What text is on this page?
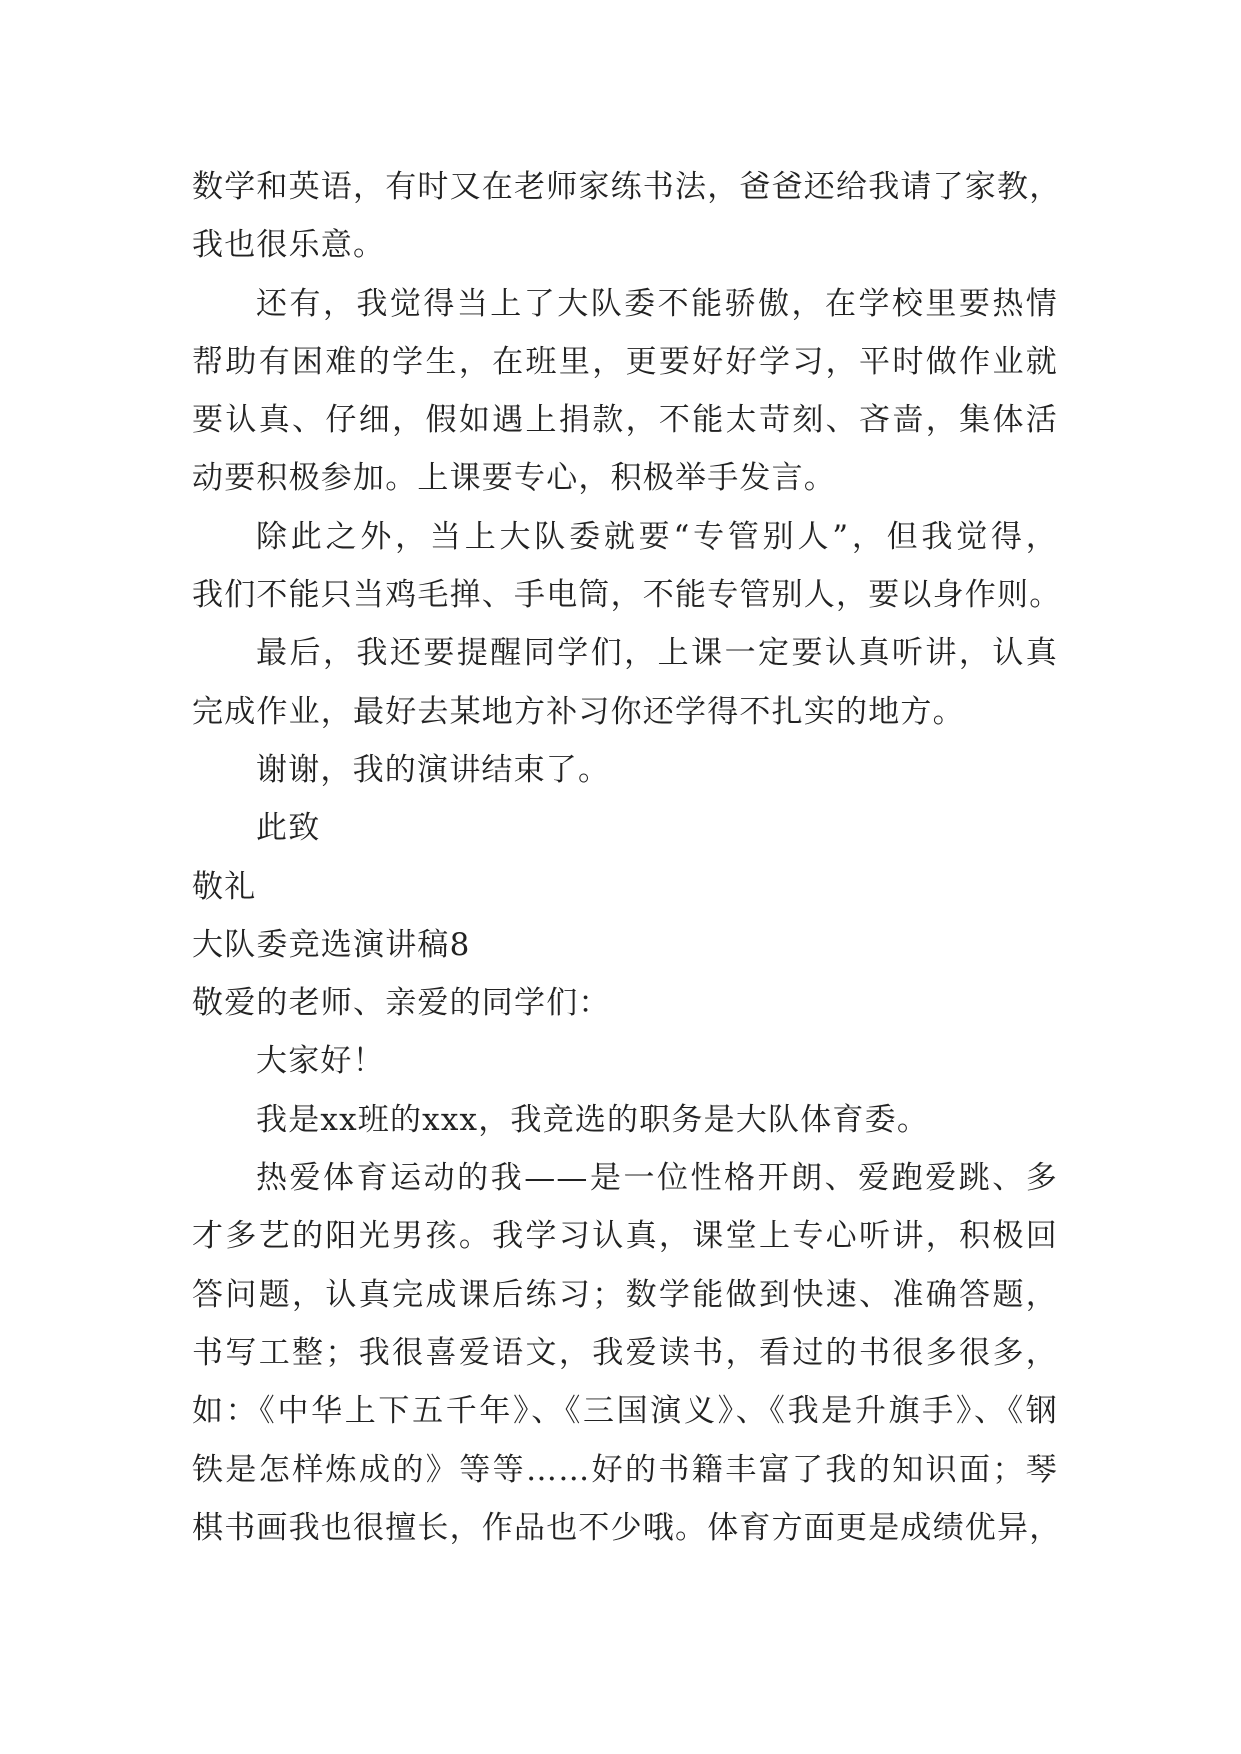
数学和英语，有时又在老师家练书法，爸爸还给我请了家教，
我也很乐意。
还有，我觉得当上了大队委不能骄傲，在学校里要热情
帮助有困难的学生，在班里，更要好好学习，平时做作业就
要认真、仔细，假如遇上捐款，不能太苛刻、吝啬，集体活
动要积极参加。上课要专心，积极举手发言。
除此之外，当上大队委就要“专管别人”，但我觉得，
我们不能只当鸡毛掸、手电筒，不能专管别人，要以身作则。
最后，我还要提醒同学们，上课一定要认真听讲，认真
完成作业，最好去某地方补习你还学得不扎实的地方。
谢谢，我的演讲结束了。
此致
敬礼
大队委竞选演讲稿8
敬爱的老师、亲爱的同学们：
大家好！
我是xx班的xxx，我竞选的职务是大队体育委。
热爱体育运动的我——是一位性格开朗、爱跑爱跳、多
才多艺的阳光男孩。我学习认真，课堂上专心听讲，积极回
答问题，认真完成课后练习；数学能做到快速、准确答题，
书写工整；我很喜爱语文，我爱读书，看过的书很多很多，
如：《中华上下五千年》、《三国演义》、《我是升旗手》、《钢
铁是怎样炼成的》等等……好的书籍丰富了我的知识面；琴
棋书画我也很擅长，作品也不少哦。体育方面更是成绩优异，
